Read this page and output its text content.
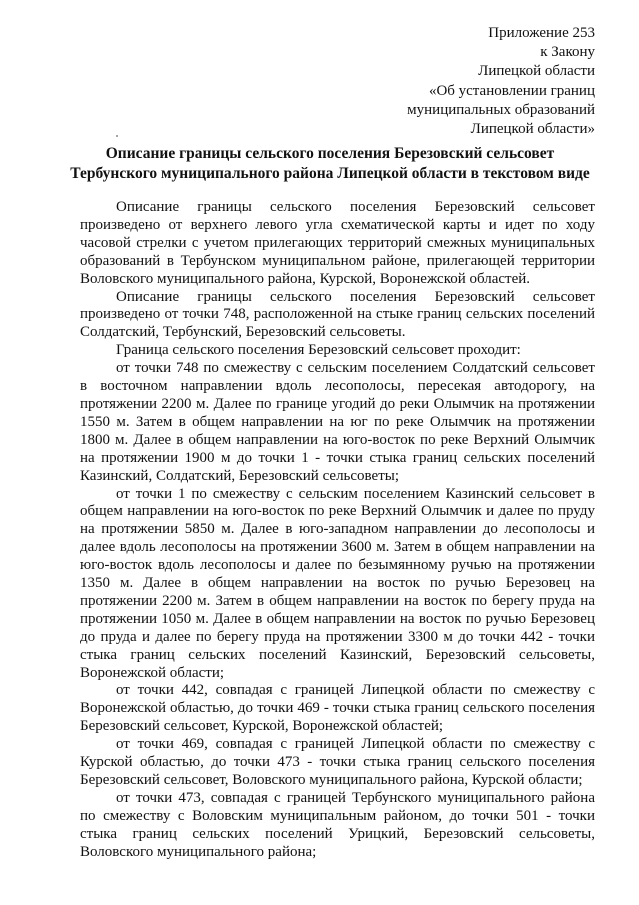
Приложение 253
к Закону
Липецкой области
«Об установлении границ
муниципальных образований
Липецкой области»
Описание границы сельского поселения Березовский сельсовет
Тербунского муниципального района Липецкой области в текстовом виде

Описание границы сельского поселения Березовский сельсовет произведено от верхнего левого угла схематической карты и идет по ходу часовой стрелки с учетом прилегающих территорий смежных муниципальных образований в Тербунском муниципальном районе, прилегающей территории Воловского муниципального района, Курской, Воронежской областей.

Описание границы сельского поселения Березовский сельсовет произведено от точки 748, расположенной на стыке границ сельских поселений Солдатский, Тербунский, Березовский сельсоветы.

Граница сельского поселения Березовский сельсовет проходит:

от точки 748 по смежеству с сельским поселением Солдатский сельсовет в восточном направлении вдоль лесополосы, пересекая автодорогу, на протяжении 2200 м. Далее по границе угодий до реки Олымчик на протяжении 1550 м. Затем в общем направлении на юг по реке Олымчик на протяжении 1800 м. Далее в общем направлении на юго-восток по реке Верхний Олымчик на протяжении 1900 м до точки 1 - точки стыка границ сельских поселений Казинский, Солдатский, Березовский сельсоветы;

от точки 1 по смежеству с сельским поселением Казинский сельсовет в общем направлении на юго-восток по реке Верхний Олымчик и далее по пруду на протяжении 5850 м. Далее в юго-западном направлении до лесополосы и далее вдоль лесополосы на протяжении 3600 м. Затем в общем направлении на юго-восток вдоль лесополосы и далее по безымянному ручью на протяжении 1350 м. Далее в общем направлении на восток по ручью Березовец на протяжении 2200 м. Затем в общем направлении на восток по берегу пруда на протяжении 1050 м. Далее в общем направлении на восток по ручью Березовец до пруда и далее по берегу пруда на протяжении 3300 м до точки 442 - точки стыка границ сельских поселений Казинский, Березовский сельсоветы, Воронежской области;

от точки 442, совпадая с границей Липецкой области по смежеству с Воронежской областью, до точки 469 - точки стыка границ сельского поселения Березовский сельсовет, Курской, Воронежской областей;

от точки 469, совпадая с границей Липецкой области по смежеству с Курской областью, до точки 473 - точки стыка границ сельского поселения Березовский сельсовет, Воловского муниципального района, Курской области;

от точки 473, совпадая с границей Тербунского муниципального района по смежеству с Воловским муниципальным районом, до точки 501 - точки стыка границ сельских поселений Урицкий, Березовский сельсоветы, Воловского муниципального района;
